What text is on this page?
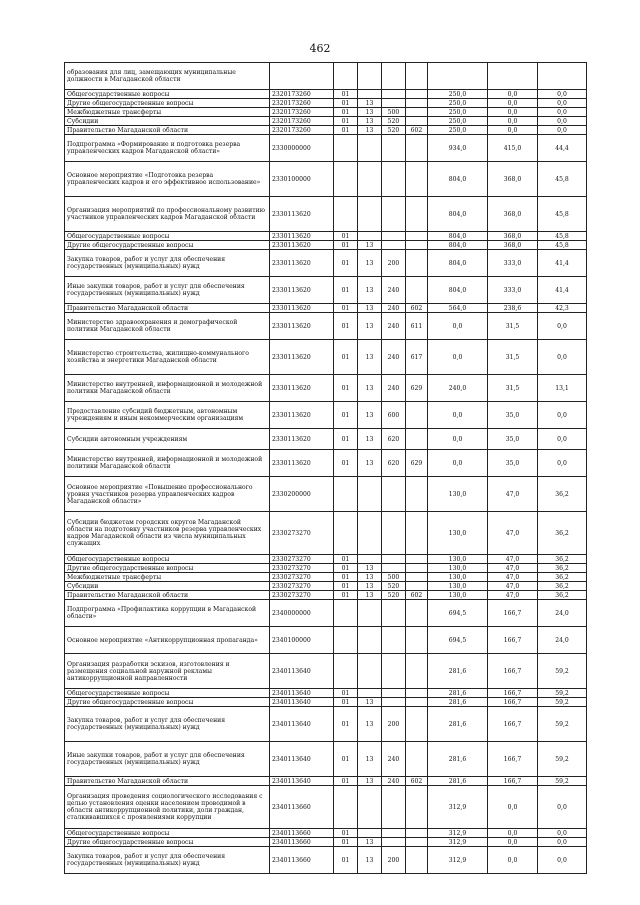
462
образования для лиц, замещающих муниципальные должности в Магаданской области								
Общегосударственные вопросы	2320173260	01				250,0	0,0	0,0
Другие общегосударственные вопросы	2320173260	01	13			250,0	0,0	0,0
Межбюджетные трансферты	2320173260	01	13	500		250,0	0,0	0,0
Субсидии	2320173260	01	13	520		250,0	0,0	0,0
Правительство Магаданской области	2320173260	01	13	520	602	250,0	0,0	0,0
Подпрограмма «Формирование и подготовка резерва управленческих кадров Магаданской области»	2330000000					934,0	415,0	44,4
Основное мероприятие «Подготовка резерва управленческих кадров и его эффективное использование»	2330100000					804,0	368,0	45,8
Организация мероприятий по профессиональному развитию участников управленческих кадров Магаданской области	2330113620					804,0	368,0	45,8
Общегосударственные вопросы	2330113620	01				804,0	368,0	45,8
Другие общегосударственные вопросы	2330113620	01	13			804,0	368,0	45,8
Закупка товаров, работ и услуг для обеспечения государственных (муниципальных) нужд	2330113620	01	13	200		804,0	333,0	41,4
Иные закупки товаров, работ и услуг для обеспечения государственных (муниципальных) нужд	2330113620	01	13	240		804,0	333,0	41,4
Правительство Магаданской области	2330113620	01	13	240	602	564,0	238,6	42,3
Министерство здравоохранения и демографической политики Магаданской области	2330113620	01	13	240	611	0,0	31,5	0,0
Министерство строительства, жилищно-коммунального хозяйства и энергетики Магаданской области	2330113620	01	13	240	617	0,0	31,5	0,0
Министерство внутренней, информационной и молодежной политики Магаданской области	2330113620	01	13	240	629	240,0	31,5	13,1
Предоставление субсидий бюджетным, автономным учреждениям и иным некоммерческим организациям	2330113620	01	13	600		0,0	35,0	0,0
Субсидии автономным учреждениям	2330113620	01	13	620		0,0	35,0	0,0
Министерство внутренней, информационной и молодежной политики Магаданской области	2330113620	01	13	620	629	0,0	35,0	0,0
Основное мероприятие «Повышение профессионального уровня участников резерва управленческих кадров Магаданской области»	2330200000					130,0	47,0	36,2
Субсидии бюджетам городских округов Магаданской области на подготовку участников резерва управленческих кадров Магаданской области из числа муниципальных служащих	2330273270					130,0	47,0	36,2
Общегосударственные вопросы	2330273270	01				130,0	47,0	36,2
Другие общегосударственные вопросы	2330273270	01	13			130,0	47,0	36,2
Межбюджетные трансферты	2330273270	01	13	500		130,0	47,0	36,2
Субсидии	2330273270	01	13	520		130,0	47,0	36,2
Правительство Магаданской области	2330273270	01	13	520	602	130,0	47,0	36,2
Подпрограмма «Профилактика коррупции в Магаданской области»	2340000000					694,5	166,7	24,0
Основное мероприятие «Антикоррупционная пропаганда»	2340100000					694,5	166,7	24,0
Организация разработки эскизов, изготовления и размещения социальной наружной рекламы антикоррупционной направленности	2340113640					281,6	166,7	59,2
Общегосударственные вопросы	2340113640	01				281,6	166,7	59,2
Другие общегосударственные вопросы	2340113640	01	13			281,6	166,7	59,2
Закупка товаров, работ и услуг для обеспечения государственных (муниципальных) нужд	2340113640	01	13	200		281,6	166,7	59,2
Иные закупки товаров, работ и услуг для обеспечения государственных (муниципальных) нужд	2340113640	01	13	240		281,6	166,7	59,2
Правительство Магаданской области	2340113640	01	13	240	602	281,6	166,7	59,2
Организация проведения социологического исследования с целью установления оценки населением проводимой в области антикоррупционной политики, доли граждан, сталкивавшихся с проявлениями коррупции	2340113660					312,9	0,0	0,0
Общегосударственные вопросы	2340113660	01				312,9	0,0	0,0
Другие общегосударственные вопросы	2340113660	01	13			312,9	0,0	0,0
Закупка товаров, работ и услуг для обеспечения государственных (муниципальных) нужд	2340113660	01	13	200		312,9	0,0	0,0
